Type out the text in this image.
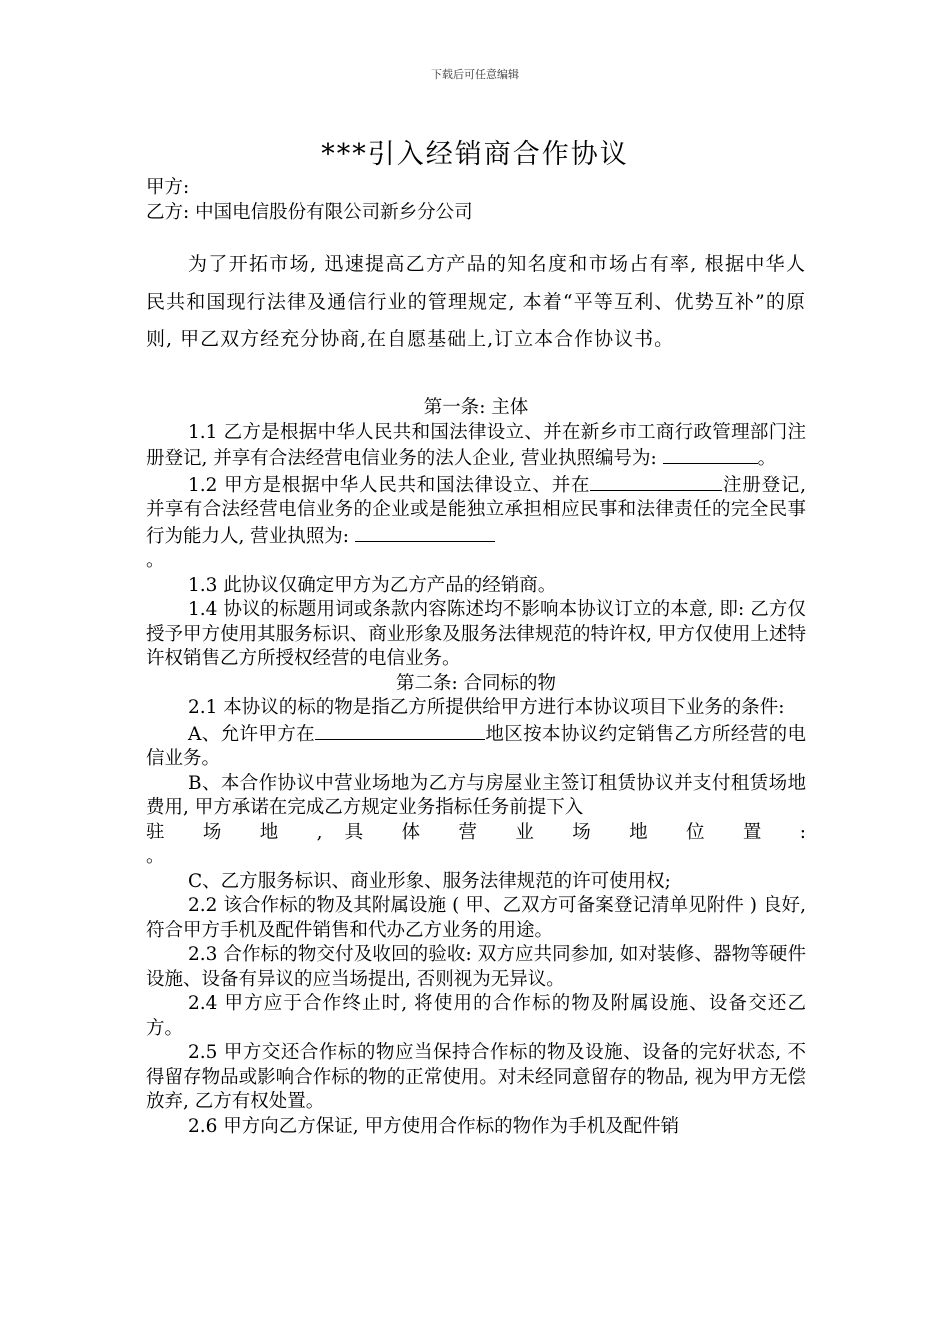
下载后可任意编辑
***引入经销商合作协议

甲方:

乙方: 中国电信股份有限公司新乡分公司

为了开拓市场, 迅速提高乙方产品的知名度和市场占有率, 根据中华人民共和国现行法律及通信行业的管理规定, 本着“平等互利、优势互补”的原则, 甲乙双方经充分协商,在自愿基础上,订立本合作协议书。

第一条: 主体

1.1 乙方是根据中华人民共和国法律设立、并在新乡市工商行政管理部门注册登记, 并享有合法经营电信业务的法人企业, 营业执照编号为:	。

1.2 甲方是根据中华人民共和国法律设立、并在	注册登记, 并享有合法经营电信业务的企业或是能独立承担相应民事和法律责任的完全民事行为能力人, 营业执照为:
。

1.3 此协议仅确定甲方为乙方产品的经销商。

1.4 协议的标题用词或条款内容陈述均不影响本协议订立的本意, 即: 乙方仅授予甲方使用其服务标识、商业形象及服务法律规范的特许权, 甲方仅使用上述特许权销售乙方所授权经营的电信业务。

第二条: 合同标的物

2.1 本协议的标的物是指乙方所提供给甲方进行本协议项目下业务的条件:

A、允许甲方在	地区按本协议约定销售乙方所经营的电信业务。

B、本合作协议中营业场地为乙方与房屋业主签订租赁协议并支付租赁场地费用, 甲方承诺在完成乙方规定业务指标任务前提下入

驻 场 地 , 具 体 营 业 场 地 位 置 :

。

C、乙方服务标识、商业形象、服务法律规范的许可使用权;

2.2 该合作标的物及其附属设施 ( 甲、乙双方可备案登记清单见附件 ) 良好, 符合甲方手机及配件销售和代办乙方业务的用途。

2.3 合作标的物交付及收回的验收: 双方应共同参加, 如对装修、器物等硬件设施、设备有异议的应当场提出, 否则视为无异议。

2.4 甲方应于合作终止时, 将使用的合作标的物及附属设施、设备交还乙方。

2.5 甲方交还合作标的物应当保持合作标的物及设施、设备的完好状态, 不得留存物品或影响合作标的物的正常使用。对未经同意留存的物品, 视为甲方无偿放弃, 乙方有权处置。

2.6 甲方向乙方保证, 甲方使用合作标的物作为手机及配件销
